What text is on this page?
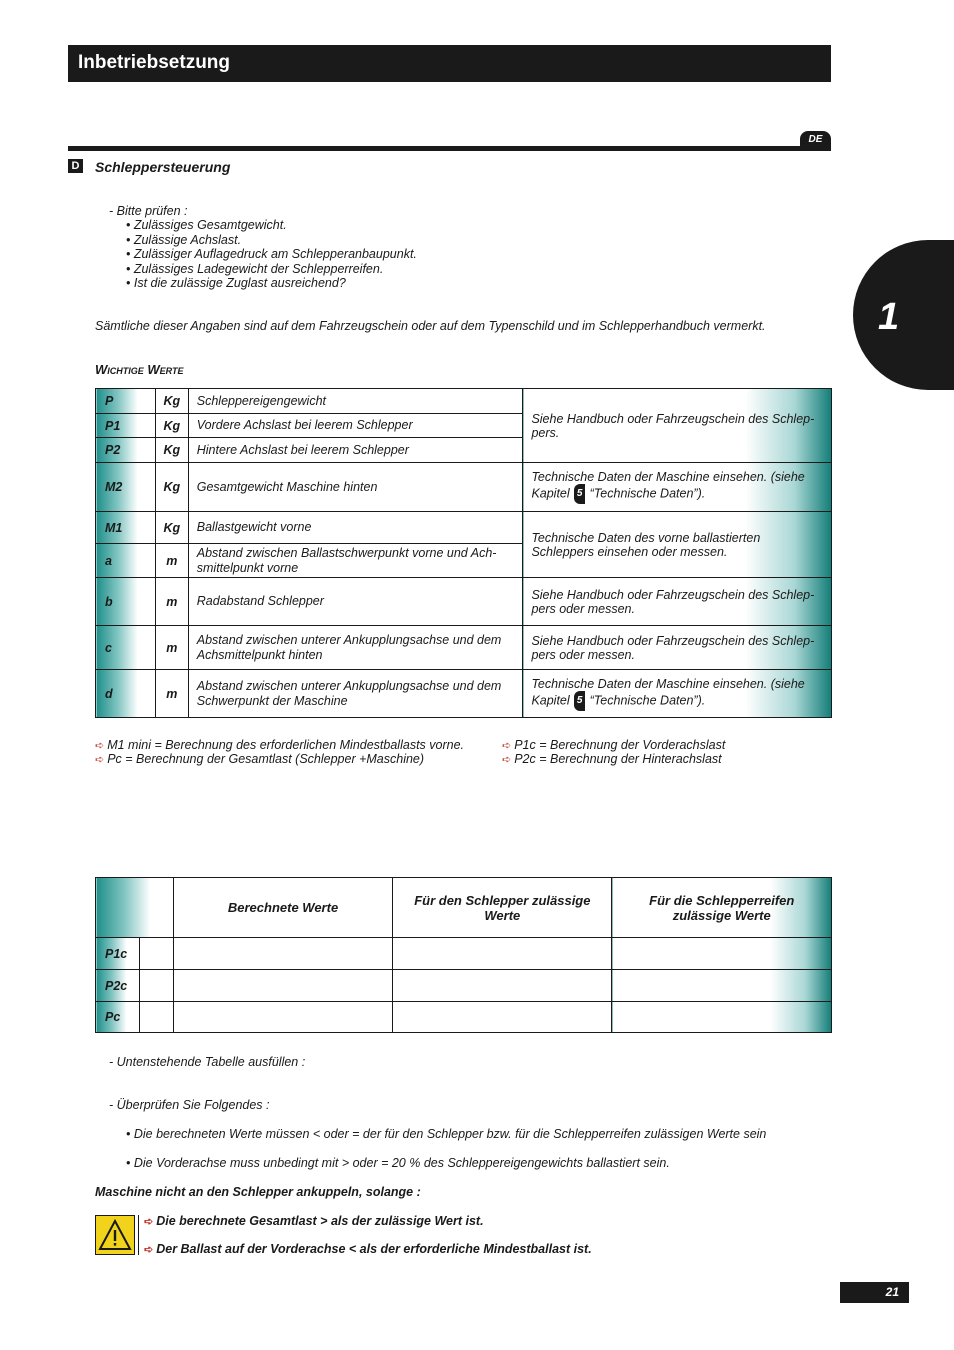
Inbetriebsetzung
DE
1
D Schleppersteuerung
- Bitte prüfen :
• Zulässiges Gesamtgewicht.
• Zulässige Achslast.
• Zulässiger Auflagedruck am Schlepperanbaupunkt.
• Zulässiges Ladegewicht der Schlepperreifen.
• Ist die zulässige Zuglast ausreichend?
Sämtliche dieser Angaben sind auf dem Fahrzeugschein oder auf dem Typenschild und im Schlepperhandbuch vermerkt.
Wichtige Werte
P	Kg	Schleppereigengewicht	Siehe Handbuch oder Fahrzeugschein des Schlep-pers.
P1	Kg	Vordere Achslast bei leerem Schlepper	
P2	Kg	Hintere Achslast bei leerem Schlepper	
M2	Kg	Gesamtgewicht Maschine hinten	Technische Daten der Maschine einsehen. (siehe Kapitel 5 “Technische Daten”).
M1	Kg	Ballastgewicht vorne	Technische Daten des vorne ballastierten Schleppers einsehen oder messen.
a	m	Abstand zwischen Ballastschwerpunkt vorne und Ach-smittelpunkt vorne	
b	m	Radabstand Schlepper	Siehe Handbuch oder Fahrzeugschein des Schlep-pers oder messen.
c	m	Abstand zwischen unterer Ankupplungsachse und dem Achsmittelpunkt hinten	Siehe Handbuch oder Fahrzeugschein des Schlep-pers oder messen.
d	m	Abstand zwischen unterer Ankupplungsachse und dem Schwerpunkt der Maschine	Technische Daten der Maschine einsehen. (siehe Kapitel 5 “Technische Daten”).
➪ M1 mini = Berechnung des erforderlichen Mindestballasts vorne.
➪ Pc = Berechnung der Gesamtlast (Schlepper +Maschine)
➪ P1c = Berechnung der Vorderachslast
➪ P2c = Berechnung der Hinterachslast
		Berechnete Werte	Für den Schlepper zulässige Werte	Für die Schlepperreifen zulässige Werte
P1c				
P2c				
Pc				
- Untenstehende Tabelle ausfüllen :
- Überprüfen Sie Folgendes :
• Die berechneten Werte müssen < oder = der für den Schlepper bzw. für die Schlepperreifen zulässigen Werte sein
• Die Vorderachse muss unbedingt mit > oder = 20 % des Schleppereigengewichts ballastiert sein.
Maschine nicht an den Schlepper ankuppeln, solange :
➪ Die berechnete Gesamtlast > als der zulässige Wert ist.
➪ Der Ballast auf der Vorderachse < als der erforderliche Mindestballast ist.
21
